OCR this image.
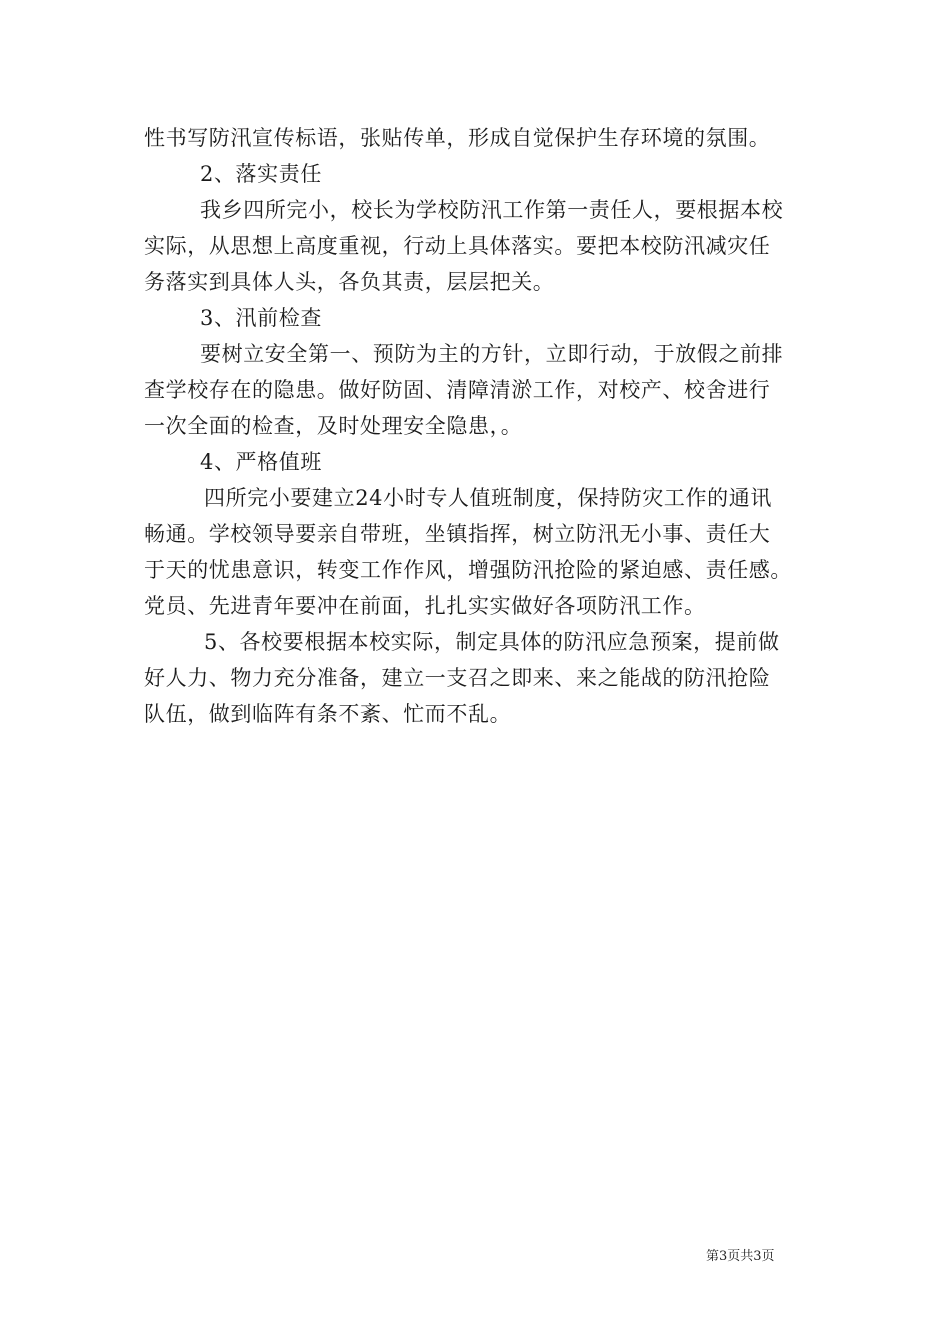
性书写防汛宣传标语，张贴传单，形成自觉保护生存环境的氛围。
2、落实责任
我乡四所完小，校长为学校防汛工作第一责任人，要根据本校
实际，从思想上高度重视，行动上具体落实。要把本校防汛减灾任
务落实到具体人头，各负其责，层层把关。
3、汛前检查
要树立安全第一、预防为主的方针，立即行动，于放假之前排
查学校存在的隐患。做好防固、清障清淤工作，对校产、校舍进行
一次全面的检查，及时处理安全隐患，。
4、严格值班
四所完小要建立24小时专人值班制度，保持防灾工作的通讯
畅通。学校领导要亲自带班，坐镇指挥，树立防汛无小事、责任大
于天的忧患意识，转变工作作风，增强防汛抢险的紧迫感、责任感。
党员、先进青年要冲在前面，扎扎实实做好各项防汛工作。
5、各校要根据本校实际，制定具体的防汛应急预案，提前做
好人力、物力充分准备，建立一支召之即来、来之能战的防汛抢险
队伍，做到临阵有条不紊、忙而不乱。
第3页共3页
